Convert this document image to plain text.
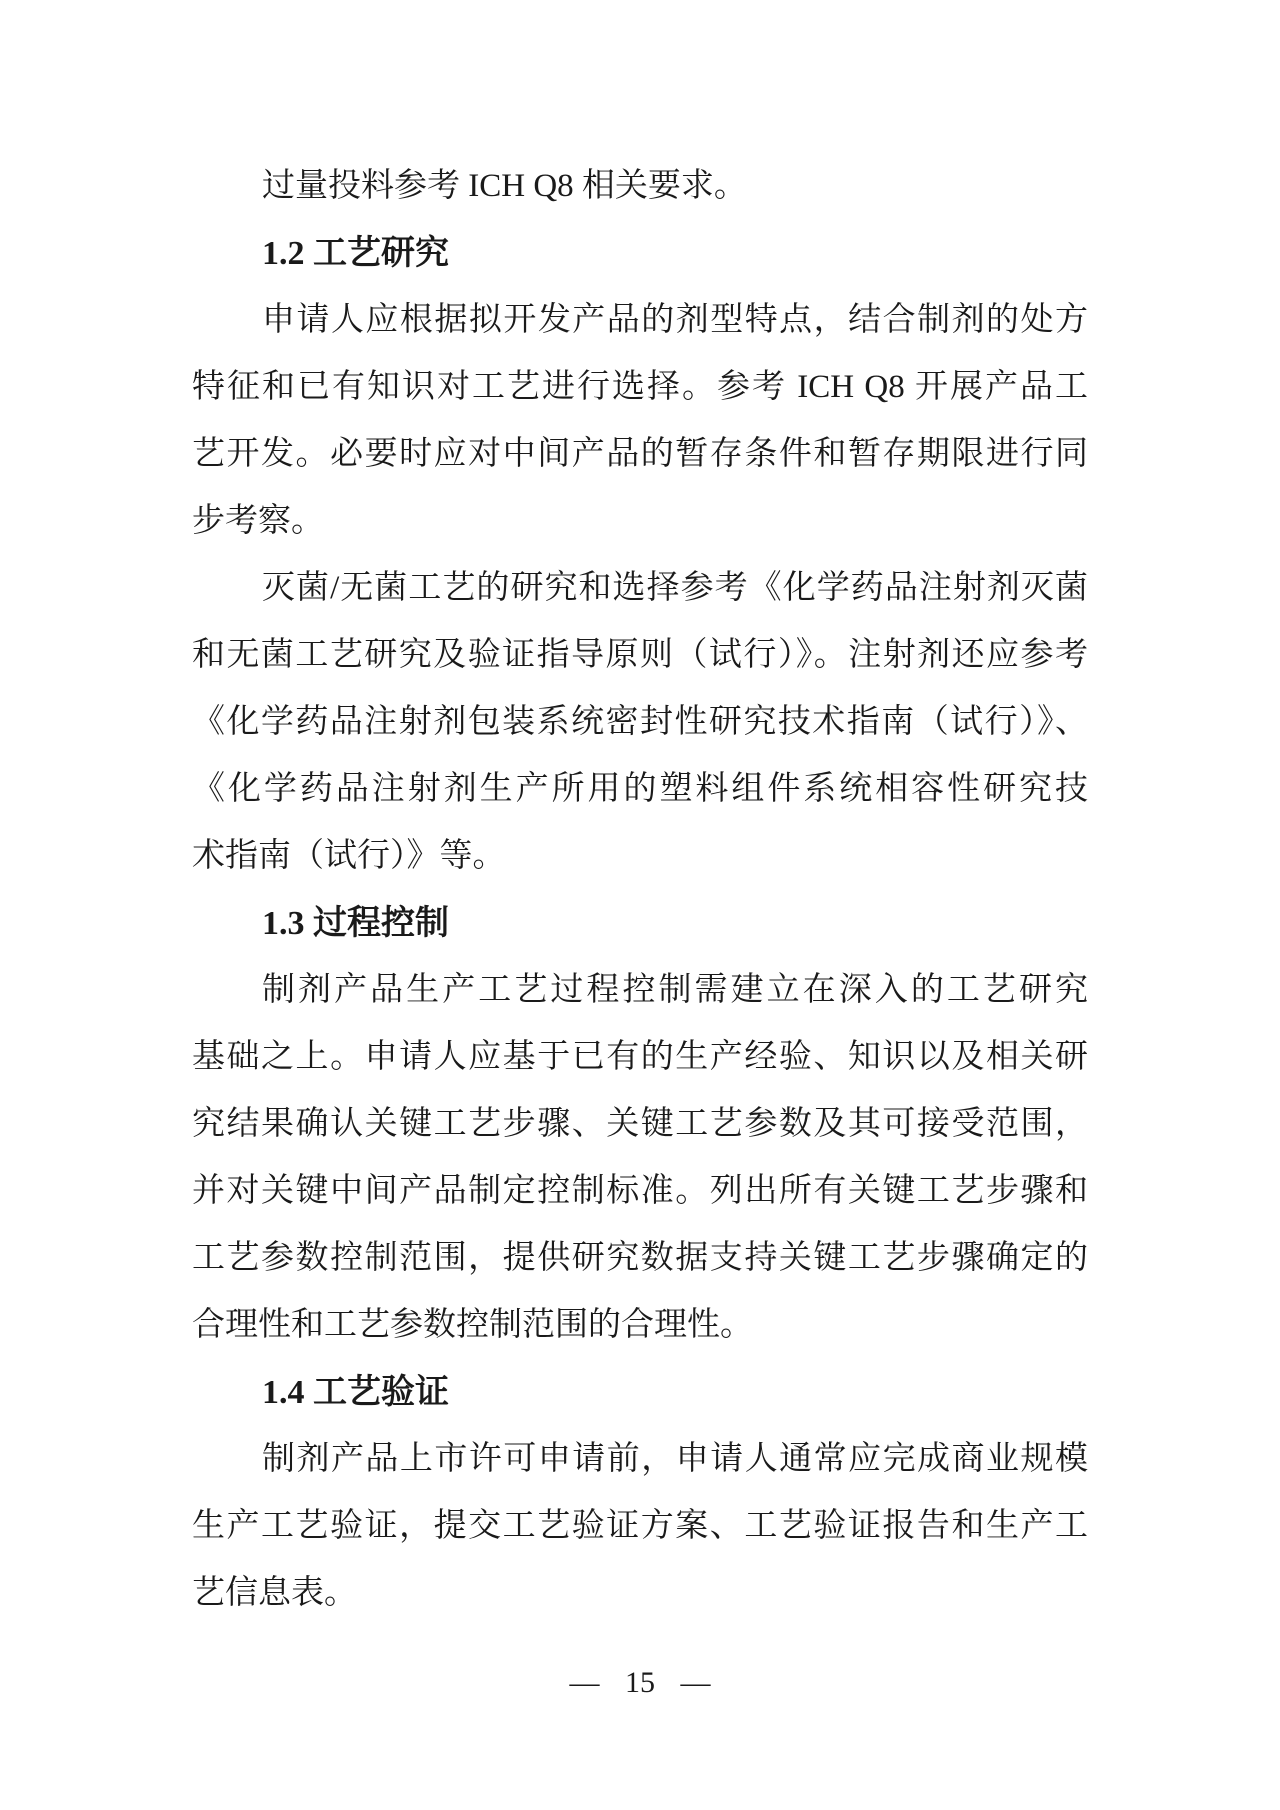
过量投料参考 ICH Q8 相关要求。
1.2 工艺研究
申请人应根据拟开发产品的剂型特点，结合制剂的处方
特征和已有知识对工艺进行选择。参考 ICH Q8 开展产品工
艺开发。必要时应对中间产品的暂存条件和暂存期限进行同
步考察。
灭菌/无菌工艺的研究和选择参考《化学药品注射剂灭菌
和无菌工艺研究及验证指导原则（试行）》。注射剂还应参考
《化学药品注射剂包装系统密封性研究技术指南（试行）》、
《化学药品注射剂生产所用的塑料组件系统相容性研究技
术指南（试行）》等。
1.3 过程控制
制剂产品生产工艺过程控制需建立在深入的工艺研究
基础之上。申请人应基于已有的生产经验、知识以及相关研
究结果确认关键工艺步骤、关键工艺参数及其可接受范围，
并对关键中间产品制定控制标准。列出所有关键工艺步骤和
工艺参数控制范围，提供研究数据支持关键工艺步骤确定的
合理性和工艺参数控制范围的合理性。
1.4 工艺验证
制剂产品上市许可申请前，申请人通常应完成商业规模
生产工艺验证，提交工艺验证方案、工艺验证报告和生产工
艺信息表。
— 15 —
